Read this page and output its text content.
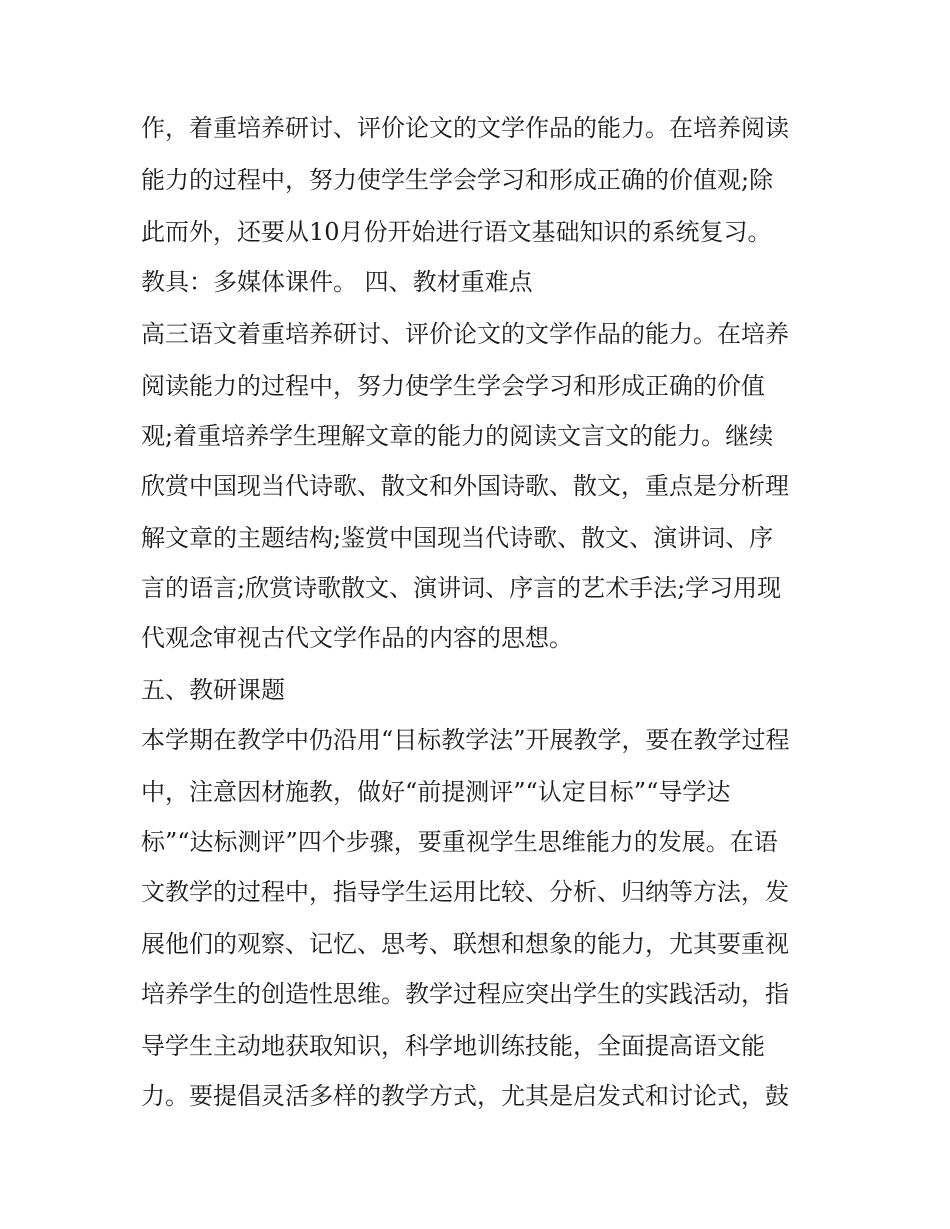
作，着重培养研讨、评价论文的文学作品的能力。在培养阅读

能力的过程中，努力使学生学会学习和形成正确的价值观;除

此而外，还要从10月份开始进行语文基础知识的系统复习。

教具：多媒体课件。 四、教材重难点

高三语文着重培养研讨、评价论文的文学作品的能力。在培养

阅读能力的过程中，努力使学生学会学习和形成正确的价值

观;着重培养学生理解文章的能力的阅读文言文的能力。继续

欣赏中国现当代诗歌、散文和外国诗歌、散文，重点是分析理

解文章的主题结构;鉴赏中国现当代诗歌、散文、演讲词、序

言的语言;欣赏诗歌散文、演讲词、序言的艺术手法;学习用现

代观念审视古代文学作品的内容的思想。

五、教研课题

本学期在教学中仍沿用“目标教学法”开展教学，要在教学过程

中，注意因材施教，做好“前提测评”“认定目标”“导学达

标”“达标测评”四个步骤，要重视学生思维能力的发展。在语

文教学的过程中，指导学生运用比较、分析、归纳等方法，发

展他们的观察、记忆、思考、联想和想象的能力，尤其要重视

培养学生的创造性思维。教学过程应突出学生的实践活动，指

导学生主动地获取知识，科学地训练技能，全面提高语文能

力。要提倡灵活多样的教学方式，尤其是启发式和讨论式，鼓
